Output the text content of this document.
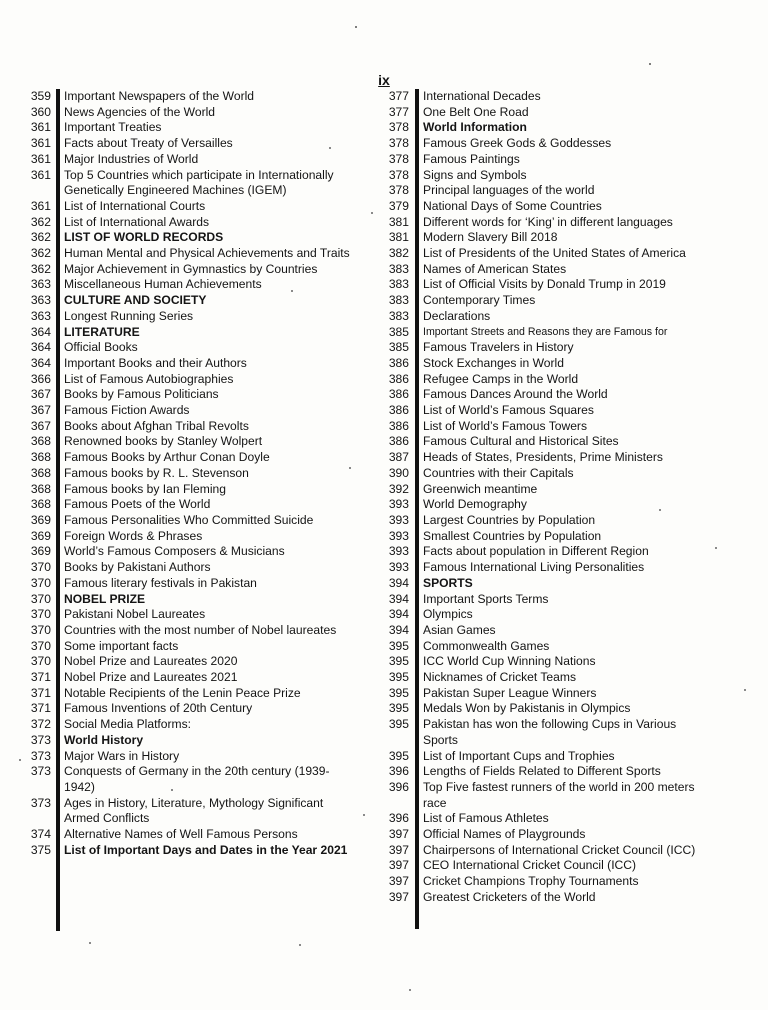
ix
359 Important Newspapers of the World
360 News Agencies of the World
361 Important Treaties
361 Facts about Treaty of Versailles
361 Major Industries of World
361 Top 5 Countries which participate in Internationally Genetically Engineered Machines (IGEM)
361 List of International Courts
362 List of International Awards
362 LIST OF WORLD RECORDS
362 Human Mental and Physical Achievements and Traits
362 Major Achievement in Gymnastics by Countries
363 Miscellaneous Human Achievements
363 CULTURE AND SOCIETY
363 Longest Running Series
364 LITERATURE
364 Official Books
364 Important Books and their Authors
366 List of Famous Autobiographies
367 Books by Famous Politicians
367 Famous Fiction Awards
367 Books about Afghan Tribal Revolts
368 Renowned books by Stanley Wolpert
368 Famous Books by Arthur Conan Doyle
368 Famous books by R. L. Stevenson
368 Famous books by Ian Fleming
368 Famous Poets of the World
369 Famous Personalities Who Committed Suicide
369 Foreign Words & Phrases
369 World’s Famous Composers & Musicians
370 Books by Pakistani Authors
370 Famous literary festivals in Pakistan
370 NOBEL PRIZE
370 Pakistani Nobel Laureates
370 Countries with the most number of Nobel laureates
370 Some important facts
370 Nobel Prize and Laureates 2020
371 Nobel Prize and Laureates 2021
371 Notable Recipients of the Lenin Peace Prize
371 Famous Inventions of 20th Century
372 Social Media Platforms:
373 World History
373 Major Wars in History
373 Conquests of Germany in the 20th century (1939-1942)
373 Ages in History, Literature, Mythology Significant Armed Conflicts
374 Alternative Names of Well Famous Persons
375 List of Important Days and Dates in the Year 2021
377 International Decades
377 One Belt One Road
378 World Information
378 Famous Greek Gods & Goddesses
378 Famous Paintings
378 Signs and Symbols
378 Principal languages of the world
379 National Days of Some Countries
381 Different words for ‘King’ in different languages
381 Modern Slavery Bill 2018
382 List of Presidents of the United States of America
383 Names of American States
383 List of Official Visits by Donald Trump in 2019
383 Contemporary Times
383 Declarations
385 Important Streets and Reasons they are Famous for
385 Famous Travelers in History
386 Stock Exchanges in World
386 Refugee Camps in the World
386 Famous Dances Around the World
386 List of World’s Famous Squares
386 List of World’s Famous Towers
386 Famous Cultural and Historical Sites
387 Heads of States, Presidents, Prime Ministers
390 Countries with their Capitals
392 Greenwich meantime
393 World Demography
393 Largest Countries by Population
393 Smallest Countries by Population
393 Facts about population in Different Region
393 Famous International Living Personalities
394 SPORTS
394 Important Sports Terms
394 Olympics
394 Asian Games
395 Commonwealth Games
395 ICC World Cup Winning Nations
395 Nicknames of Cricket Teams
395 Pakistan Super League Winners
395 Medals Won by Pakistanis in Olympics
395 Pakistan has won the following Cups in Various Sports
395 List of Important Cups and Trophies
396 Lengths of Fields Related to Different Sports
396 Top Five fastest runners of the world in 200 meters race
396 List of Famous Athletes
397 Official Names of Playgrounds
397 Chairpersons of International Cricket Council (ICC)
397 CEO International Cricket Council (ICC)
397 Cricket Champions Trophy Tournaments
397 Greatest Cricketers of the World
